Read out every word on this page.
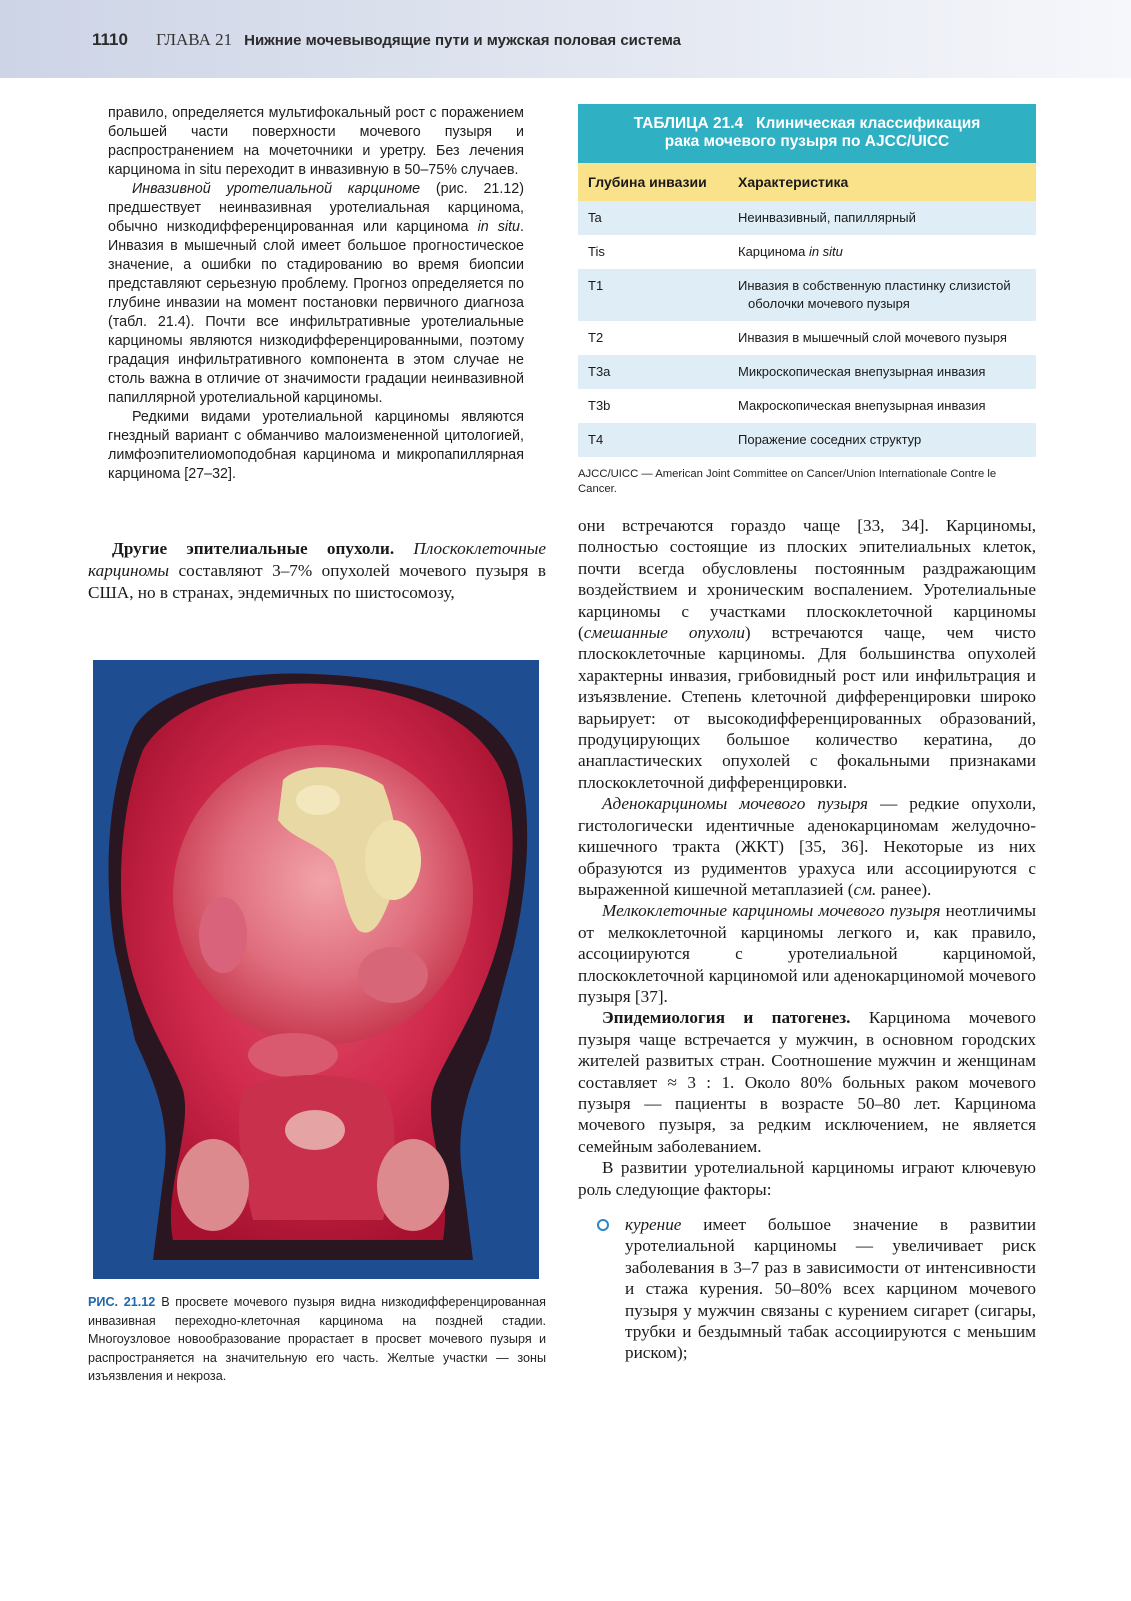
1110 ГЛАВА 21 Нижние мочевыводящие пути и мужская половая система

правило, определяется мультифокальный рост с поражением большей части поверхности мочевого пузыря и распространением на мочеточники и уретру. Без лечения карцинома in situ переходит в инвазивную в 50–75% случаев.

Инвазивной уротелиальной карциноме (рис. 21.12) предшествует неинвазивная уротелиальная карцинома, обычно низкодифференцированная или карцинома in situ. Инвазия в мышечный слой имеет большое прогностическое значение, а ошибки по стадированию во время биопсии представляют серьезную проблему. Прогноз определяется по глубине инвазии на момент постановки первичного диагноза (табл. 21.4). Почти все инфильтративные уротелиальные карциномы являются низкодифференцированными, поэтому градация инфильтративного компонента в этом случае не столь важна в отличие от значимости градации неинвазивной папиллярной уротелиальной карциномы.

Редкими видами уротелиальной карциномы являются гнездный вариант с обманчиво малоизмененной цитологией, лимфоэпителиомоподобная карцинома и микропапиллярная карцинома [27–32].

Другие эпителиальные опухоли. Плоскоклеточные карциномы составляют 3–7% опухолей мочевого пузыря в США, но в странах, эндемичных по шистосомозу,

РИС. 21.12 В просвете мочевого пузыря видна низкодифференцированная инвазивная переходно-клеточная карцинома на поздней стадии. Многоузловое новообразование прорастает в просвет мочевого пузыря и распространяется на значительную его часть. Желтые участки — зоны изъязвления и некроза.
ТАБЛИЦА 21.4   Клиническая классификация
рака мочевого пузыря по AJCC/UICC
Глубина инвазии	Характеристика
Ta	Неинвазивный, папиллярный
Tis	Карцинома in situ
T1	Инвазия в собственную пластинку слизистой
оболочки мочевого пузыря
T2	Инвазия в мышечный слой мочевого пузыря
T3a	Микроскопическая внепузырная инвазия
T3b	Макроскопическая внепузырная инвазия
T4	Поражение соседних структур
AJCC/UICC — American Joint Committee on Cancer/Union Internationale Contre le Cancer.

они встречаются гораздо чаще [33, 34]. Карциномы, полностью состоящие из плоских эпителиальных клеток, почти всегда обусловлены постоянным раздражающим воздействием и хроническим воспалением. Уротелиальные карциномы с участками плоскоклеточной карциномы (смешанные опухоли) встречаются чаще, чем чисто плоскоклеточные карциномы. Для большинства опухолей характерны инвазия, грибовидный рост или инфильтрация и изъязвление. Степень клеточной дифференцировки широко варьирует: от высокодифференцированных образований, продуцирующих большое количество кератина, до анапластических опухолей с фокальными признаками плоскоклеточной дифференцировки.

Аденокарциномы мочевого пузыря — редкие опухоли, гистологически идентичные аденокарциномам желудочно-кишечного тракта (ЖКТ) [35, 36]. Некоторые из них образуются из рудиментов урахуса или ассоциируются с выраженной кишечной метаплазией (см. ранее).

Мелкоклеточные карциномы мочевого пузыря неотличимы от мелкоклеточной карциномы легкого и, как правило, ассоциируются с уротелиальной карциномой, плоскоклеточной карциномой или аденокарциномой мочевого пузыря [37].

Эпидемиология и патогенез. Карцинома мочевого пузыря чаще встречается у мужчин, в основном городских жителей развитых стран. Соотношение мужчин и женщинам составляет ≈ 3 : 1. Около 80% больных раком мочевого пузыря — пациенты в возрасте 50–80 лет. Карцинома мочевого пузыря, за редким исключением, не является семейным заболеванием.

В развитии уротелиальной карциномы играют ключевую роль следующие факторы:

курение имеет большое значение в развитии уротелиальной карциномы — увеличивает риск заболевания в 3–7 раз в зависимости от интенсивности и стажа курения. 50–80% всех карцином мочевого пузыря у мужчин связаны с курением сигарет (сигары, трубки и бездымный табак ассоциируются с меньшим риском);
